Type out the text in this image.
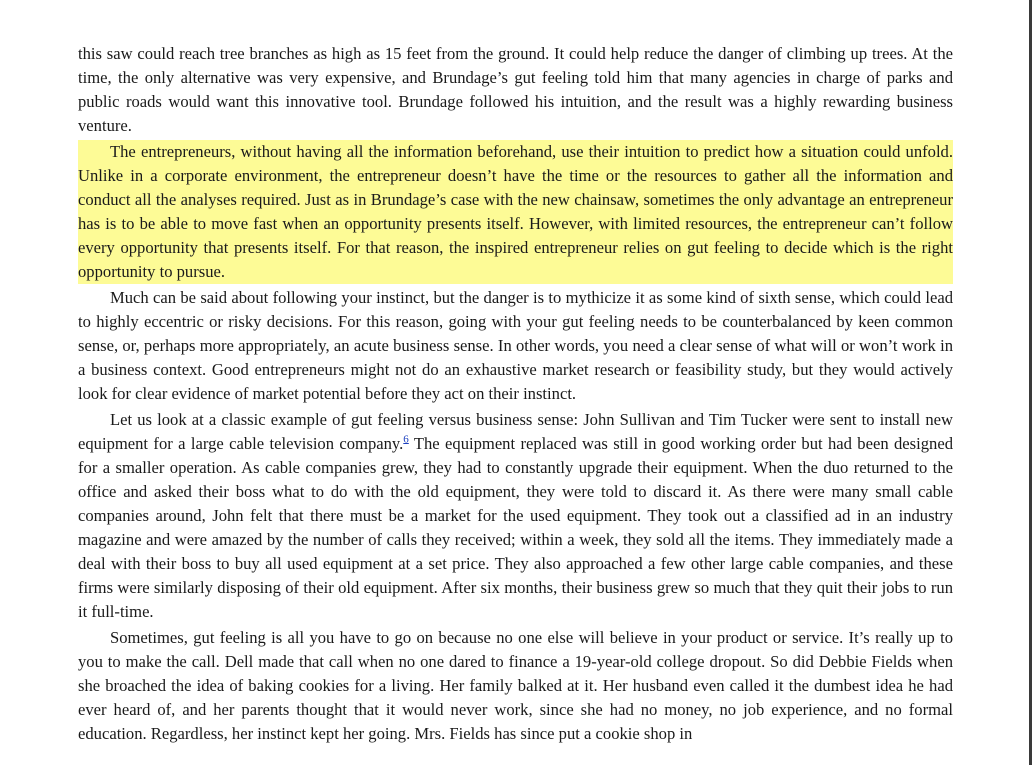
this saw could reach tree branches as high as 15 feet from the ground. It could help reduce the danger of climbing up trees. At the time, the only alternative was very expensive, and Brundage’s gut feeling told him that many agencies in charge of parks and public roads would want this innovative tool. Brundage followed his intuition, and the result was a highly rewarding business venture.

The entrepreneurs, without having all the information beforehand, use their intuition to predict how a situation could unfold. Unlike in a corporate environment, the entrepreneur doesn’t have the time or the resources to gather all the information and conduct all the analyses required. Just as in Brundage’s case with the new chainsaw, sometimes the only advantage an entrepreneur has is to be able to move fast when an opportunity presents itself. However, with limited resources, the entrepreneur can’t follow every opportunity that presents itself. For that reason, the inspired entrepreneur relies on gut feeling to decide which is the right opportunity to pursue.

Much can be said about following your instinct, but the danger is to mythicize it as some kind of sixth sense, which could lead to highly eccentric or risky decisions. For this reason, going with your gut feeling needs to be counterbalanced by keen common sense, or, perhaps more appropriately, an acute business sense. In other words, you need a clear sense of what will or won’t work in a business context. Good entrepreneurs might not do an exhaustive market research or feasibility study, but they would actively look for clear evidence of market potential before they act on their instinct.

Let us look at a classic example of gut feeling versus business sense: John Sullivan and Tim Tucker were sent to install new equipment for a large cable television company.$^6$ The equipment replaced was still in good working order but had been designed for a smaller operation. As cable companies grew, they had to constantly upgrade their equipment. When the duo returned to the office and asked their boss what to do with the old equipment, they were told to discard it. As there were many small cable companies around, John felt that there must be a market for the used equipment. They took out a classified ad in an industry magazine and were amazed by the number of calls they received; within a week, they sold all the items. They immediately made a deal with their boss to buy all used equipment at a set price. They also approached a few other large cable companies, and these firms were similarly disposing of their old equipment. After six months, their business grew so much that they quit their jobs to run it full-time.

Sometimes, gut feeling is all you have to go on because no one else will believe in your product or service. It’s really up to you to make the call. Dell made that call when no one dared to finance a 19-year-old college dropout. So did Debbie Fields when she broached the idea of baking cookies for a living. Her family balked at it. Her husband even called it the dumbest idea he had ever heard of, and her parents thought that it would never work, since she had no money, no job experience, and no formal education. Regardless, her instinct kept her going. Mrs. Fields has since put a cookie shop in
